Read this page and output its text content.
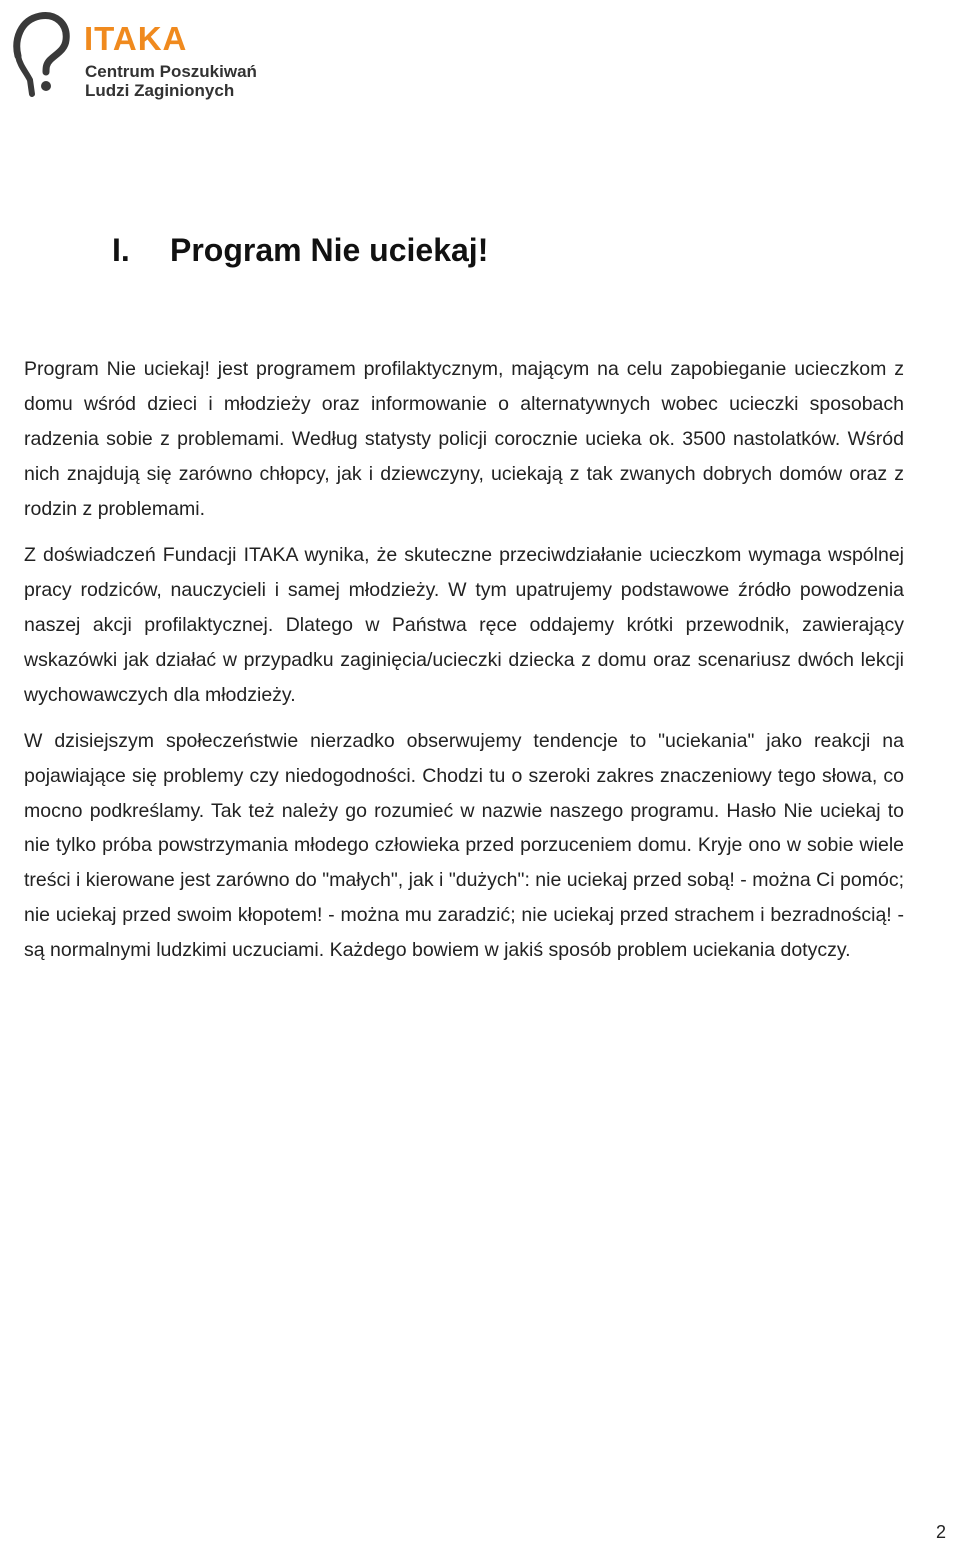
ITAKA
Centrum Poszukiwań
Ludzi Zaginionych
I. Program Nie uciekaj!

Program Nie uciekaj! jest programem profilaktycznym, mającym na celu zapobieganie ucieczkom z domu wśród dzieci i młodzieży oraz informowanie o alternatywnych wobec ucieczki sposobach radzenia sobie z problemami. Według statysty policji corocznie ucieka ok. 3500 nastolatków. Wśród nich znajdują się zarówno chłopcy, jak i dziewczyny, uciekają z tak zwanych dobrych domów oraz z rodzin z problemami.

Z doświadczeń Fundacji ITAKA wynika, że skuteczne przeciwdziałanie ucieczkom wymaga wspólnej pracy rodziców, nauczycieli i samej młodzieży. W tym upatrujemy podstawowe źródło powodzenia naszej akcji profilaktycznej. Dlatego w Państwa ręce oddajemy krótki przewodnik, zawierający wskazówki jak działać w przypadku zaginięcia/ucieczki dziecka z domu oraz scenariusz dwóch lekcji wychowawczych dla młodzieży.

W dzisiejszym społeczeństwie nierzadko obserwujemy tendencje to "uciekania" jako reakcji na pojawiające się problemy czy niedogodności. Chodzi tu o szeroki zakres znaczeniowy tego słowa, co mocno podkreślamy. Tak też należy go rozumieć w nazwie naszego programu. Hasło Nie uciekaj to nie tylko próba powstrzymania młodego człowieka przed porzuceniem domu. Kryje ono w sobie wiele treści i kierowane jest zarówno do "małych", jak i "dużych": nie uciekaj przed sobą! - można Ci pomóc; nie uciekaj przed swoim kłopotem! - można mu zaradzić; nie uciekaj przed strachem i bezradnością! - są normalnymi ludzkimi uczuciami. Każdego bowiem w jakiś sposób problem uciekania dotyczy.

2
